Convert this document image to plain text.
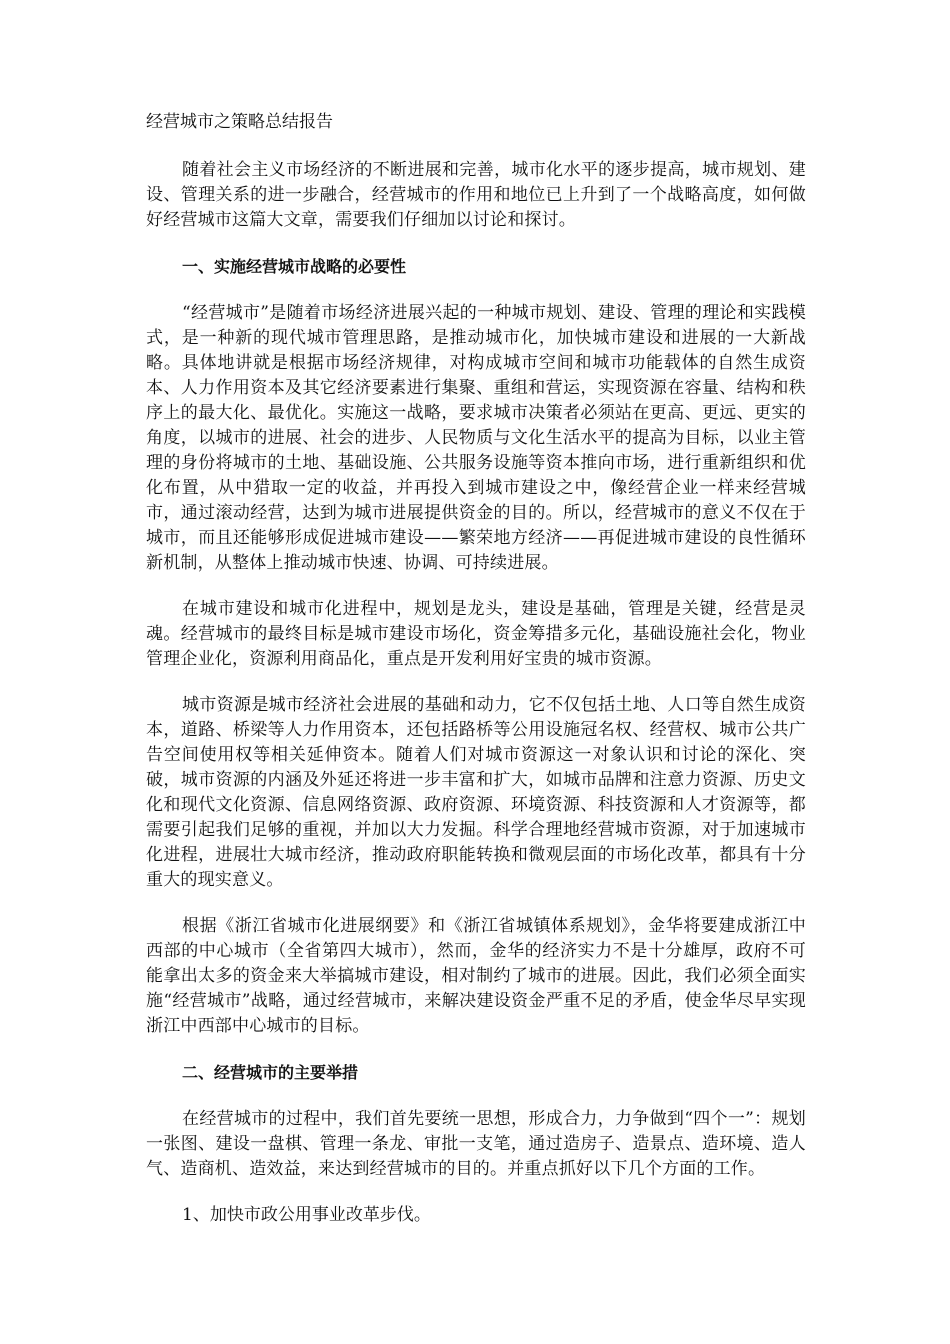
经营城市之策略总结报告

随着社会主义市场经济的不断进展和完善，城市化水平的逐步提高，城市规划、建设、管理关系的进一步融合，经营城市的作用和地位已上升到了一个战略高度，如何做好经营城市这篇大文章，需要我们仔细加以讨论和探讨。

一、实施经营城市战略的必要性

“经营城市”是随着市场经济进展兴起的一种城市规划、建设、管理的理论和实践模式，是一种新的现代城市管理思路，是推动城市化，加快城市建设和进展的一大新战略。具体地讲就是根据市场经济规律，对构成城市空间和城市功能载体的自然生成资本、人力作用资本及其它经济要素进行集聚、重组和营运，实现资源在容量、结构和秩序上的最大化、最优化。实施这一战略，要求城市决策者必须站在更高、更远、更实的角度，以城市的进展、社会的进步、人民物质与文化生活水平的提高为目标，以业主管理的身份将城市的土地、基础设施、公共服务设施等资本推向市场，进行重新组织和优化布置，从中猎取一定的收益，并再投入到城市建设之中，像经营企业一样来经营城市，通过滚动经营，达到为城市进展提供资金的目的。所以，经营城市的意义不仅在于城市，而且还能够形成促进城市建设——繁荣地方经济——再促进城市建设的良性循环新机制，从整体上推动城市快速、协调、可持续进展。

在城市建设和城市化进程中，规划是龙头，建设是基础，管理是关键，经营是灵魂。经营城市的最终目标是城市建设市场化，资金筹措多元化，基础设施社会化，物业管理企业化，资源利用商品化，重点是开发利用好宝贵的城市资源。

城市资源是城市经济社会进展的基础和动力，它不仅包括土地、人口等自然生成资本，道路、桥梁等人力作用资本，还包括路桥等公用设施冠名权、经营权、城市公共广告空间使用权等相关延伸资本。随着人们对城市资源这一对象认识和讨论的深化、突破，城市资源的内涵及外延还将进一步丰富和扩大，如城市品牌和注意力资源、历史文化和现代文化资源、信息网络资源、政府资源、环境资源、科技资源和人才资源等，都需要引起我们足够的重视，并加以大力发掘。科学合理地经营城市资源，对于加速城市化进程，进展壮大城市经济，推动政府职能转换和微观层面的市场化改革，都具有十分重大的现实意义。

根据《浙江省城市化进展纲要》和《浙江省城镇体系规划》，金华将要建成浙江中西部的中心城市（全省第四大城市），然而，金华的经济实力不是十分雄厚，政府不可能拿出太多的资金来大举搞城市建设，相对制约了城市的进展。因此，我们必须全面实施“经营城市”战略，通过经营城市，来解决建设资金严重不足的矛盾，使金华尽早实现浙江中西部中心城市的目标。

二、经营城市的主要举措

在经营城市的过程中，我们首先要统一思想，形成合力，力争做到“四个一”：规划一张图、建设一盘棋、管理一条龙、审批一支笔，通过造房子、造景点、造环境、造人气、造商机、造效益，来达到经营城市的目的。并重点抓好以下几个方面的工作。

1、加快市政公用事业改革步伐。
